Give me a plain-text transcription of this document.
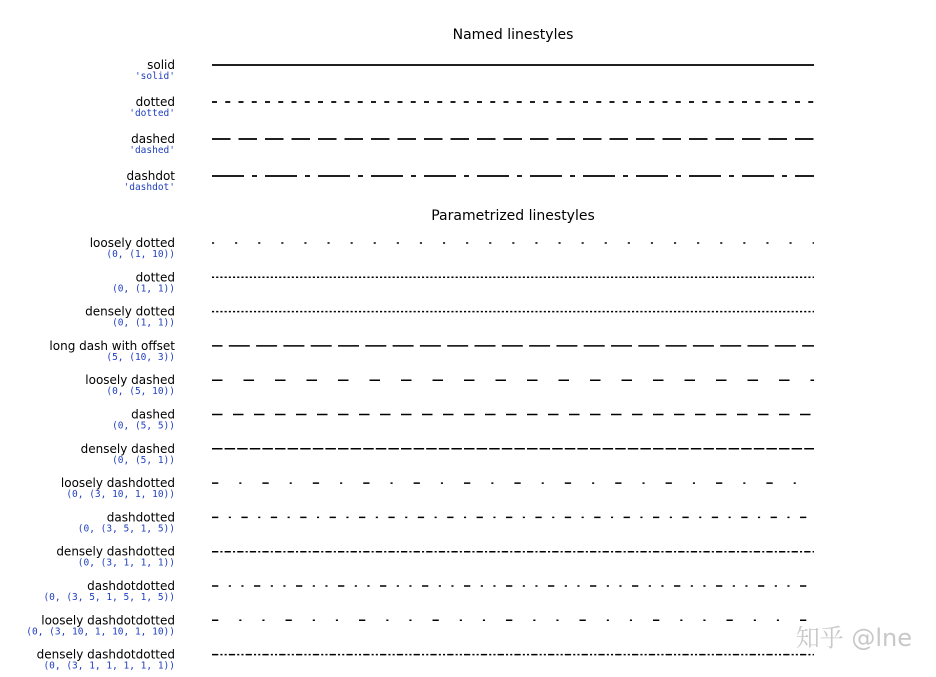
Named linestyles
solid
'solid'
dotted
'dotted'
dashed
'dashed'
dashdot
'dashdot'
Parametrized linestyles
loosely dotted
(0, (1, 10))
dotted
(0, (1, 1))
densely dotted
(0, (1, 1))
long dash with offset
(5, (10, 3))
loosely dashed
(0, (5, 10))
dashed
(0, (5, 5))
densely dashed
(0, (5, 1))
loosely dashdotted
(0, (3, 10, 1, 10))
dashdotted
(0, (3, 5, 1, 5))
densely dashdotted
(0, (3, 1, 1, 1))
dashdotdotted
(0, (3, 5, 1, 5, 1, 5))
loosely dashdotdotted
(0, (3, 10, 1, 10, 1, 10))
densely dashdotdotted
(0, (3, 1, 1, 1, 1, 1))
知乎 @lne
